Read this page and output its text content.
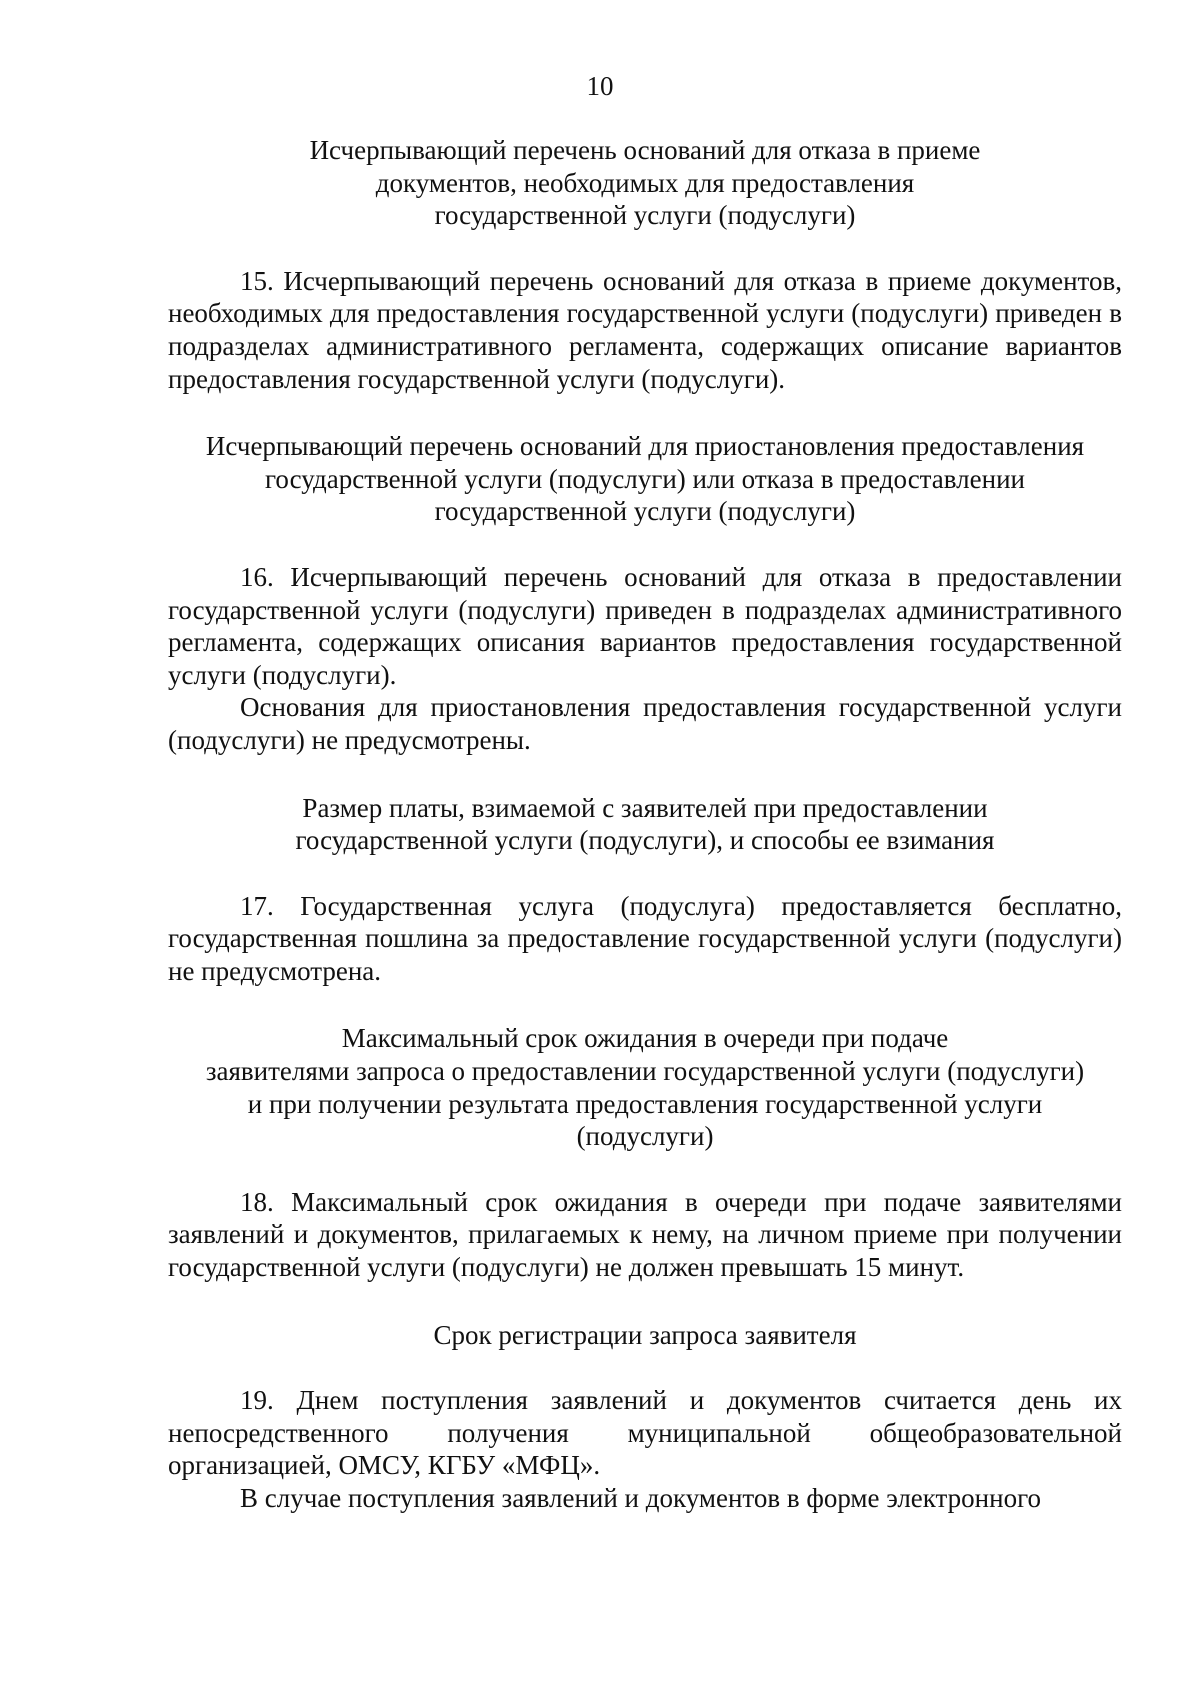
10
Исчерпывающий перечень оснований для отказа в приеме
документов, необходимых для предоставления
государственной услуги (подуслуги)

15. Исчерпывающий перечень оснований для отказа в приеме документов, необходимых для предоставления государственной услуги (подуслуги) приведен в подразделах административного регламента, содержащих описание вариантов предоставления государственной услуги (подуслуги).

Исчерпывающий перечень оснований для приостановления предоставления
государственной услуги (подуслуги) или отказа в предоставлении
государственной услуги (подуслуги)

16. Исчерпывающий перечень оснований для отказа в предоставлении государственной услуги (подуслуги) приведен в подразделах административного регламента, содержащих описания вариантов предоставления государственной услуги (подуслуги).

Основания для приостановления предоставления государственной услуги (подуслуги) не предусмотрены.

Размер платы, взимаемой с заявителей при предоставлении
государственной услуги (подуслуги), и способы ее взимания

17. Государственная услуга (подуслуга) предоставляется бесплатно, государственная пошлина за предоставление государственной услуги (подуслуги) не предусмотрена.

Максимальный срок ожидания в очереди при подаче
заявителями запроса о предоставлении государственной услуги (подуслуги)
и при получении результата предоставления государственной услуги
(подуслуги)

18. Максимальный срок ожидания в очереди при подаче заявителями заявлений и документов, прилагаемых к нему, на личном приеме при получении государственной услуги (подуслуги) не должен превышать 15 минут.

Срок регистрации запроса заявителя

19. Днем поступления заявлений и документов считается день их непосредственного получения муниципальной общеобразовательной организацией, ОМСУ, КГБУ «МФЦ».

В случае поступления заявлений и документов в форме электронного
